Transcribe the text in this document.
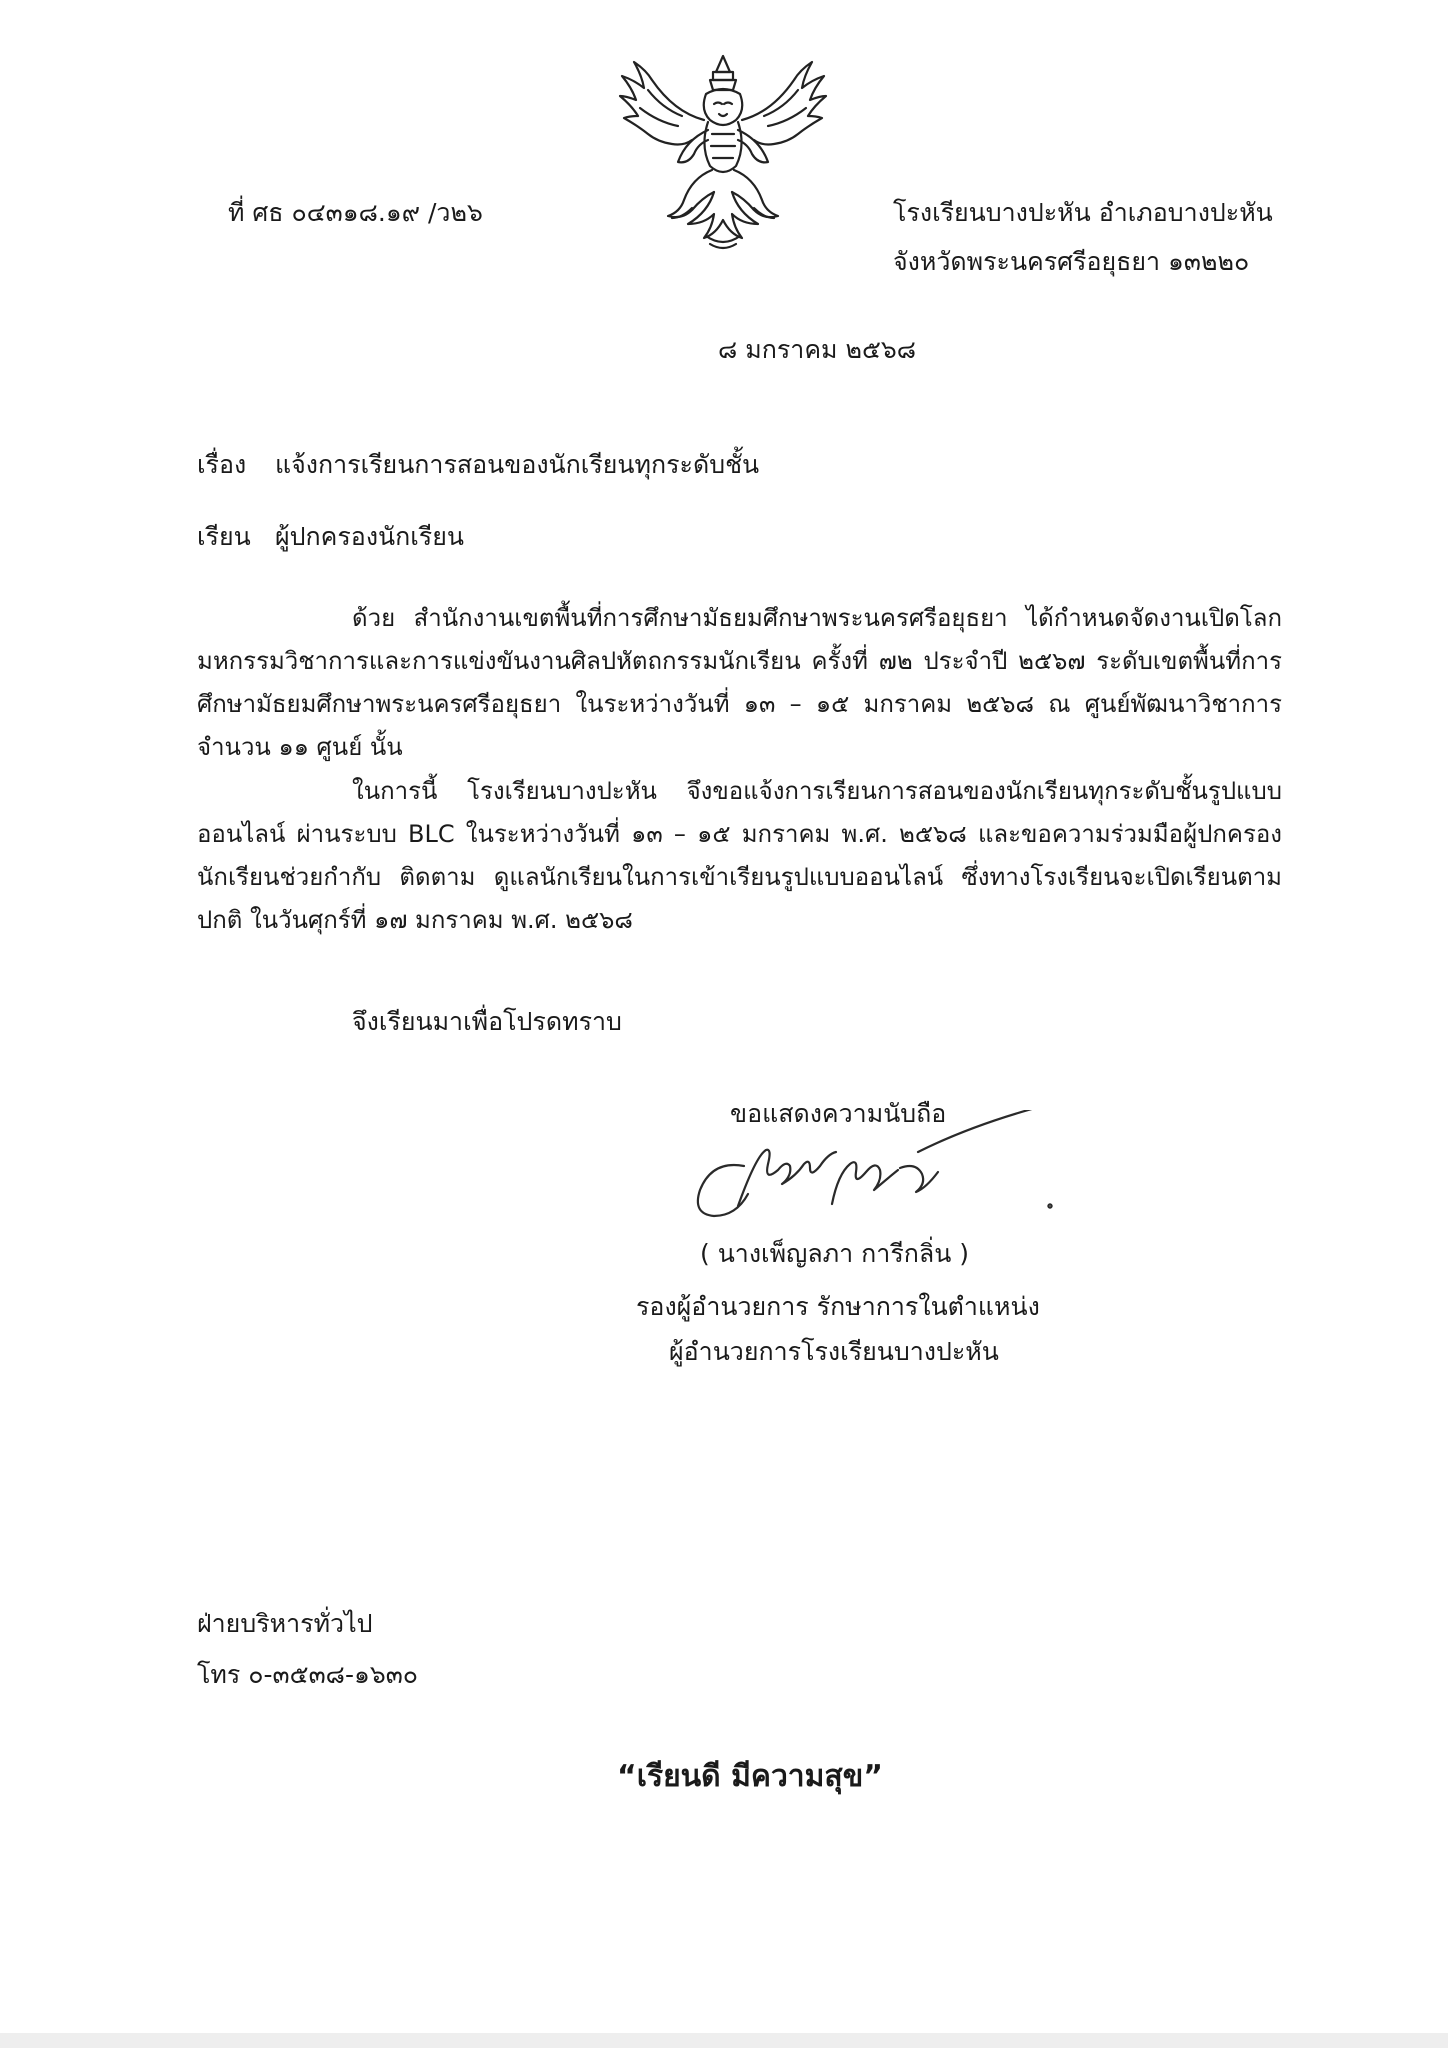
ที่ ศธ ๐๔๓๑๘.๑๙ /ว๒๖	โรงเรียนบางปะหัน อำเภอบางปะหัน
จังหวัดพระนครศรีอยุธยา ๑๓๒๒๐
๘ มกราคม ๒๕๖๘
เรื่อง แจ้งการเรียนการสอนของนักเรียนทุกระดับชั้น
เรียน ผู้ปกครองนักเรียน

ด้วย สำนักงานเขตพื้นที่การศึกษามัธยมศึกษาพระนครศรีอยุธยา ได้กำหนดจัดงานเปิดโลกมหกรรมวิชาการและการแข่งขันงานศิลปหัตถกรรมนักเรียน ครั้งที่ ๗๒ ประจำปี ๒๕๖๗ ระดับเขตพื้นที่การศึกษามัธยมศึกษาพระนครศรีอยุธยา ในระหว่างวันที่ ๑๓ – ๑๕ มกราคม ๒๕๖๘ ณ ศูนย์พัฒนาวิชาการ จำนวน ๑๑ ศูนย์ นั้น

ในการนี้ โรงเรียนบางปะหัน จึงขอแจ้งการเรียนการสอนของนักเรียนทุกระดับชั้นรูปแบบออนไลน์ ผ่านระบบ BLC ในระหว่างวันที่ ๑๓ – ๑๕ มกราคม พ.ศ. ๒๕๖๘ และขอความร่วมมือผู้ปกครองนักเรียนช่วยกำกับ ติดตาม ดูแลนักเรียนในการเข้าเรียนรูปแบบออนไลน์ ซึ่งทางโรงเรียนจะเปิดเรียนตามปกติ ในวันศุกร์ที่ ๑๗ มกราคม พ.ศ. ๒๕๖๘

จึงเรียนมาเพื่อโปรดทราบ
ขอแสดงความนับถือ
( นางเพ็ญลภา การีกลิ่น )
รองผู้อำนวยการ รักษาการในตำแหน่ง
ผู้อำนวยการโรงเรียนบางปะหัน
ฝ่ายบริหารทั่วไป
โทร ๐-๓๕๓๘-๑๖๓๐
“เรียนดี มีความสุข”
